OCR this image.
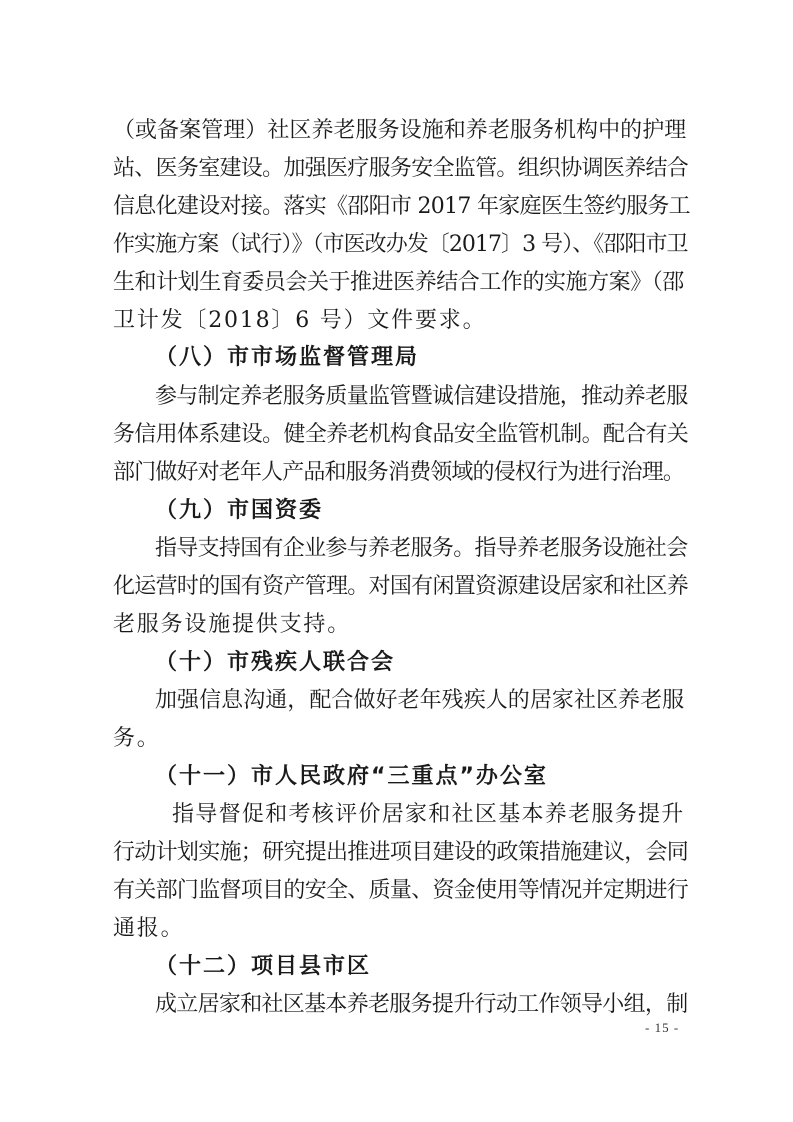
（或备案管理）社区养老服务设施和养老服务机构中的护理
站、医务室建设。加强医疗服务安全监管。组织协调医养结合
信息化建设对接。落实《邵阳市 2017 年家庭医生签约服务工
作实施方案（试行）》（市医改办发〔2017〕3 号）、《邵阳市卫
生和计划生育委员会关于推进医养结合工作的实施方案》（邵
卫计发〔2018〕6 号）文件要求。
（八）市市场监督管理局
参与制定养老服务质量监管暨诚信建设措施，推动养老服
务信用体系建设。健全养老机构食品安全监管机制。配合有关
部门做好对老年人产品和服务消费领域的侵权行为进行治理。
（九）市国资委
指导支持国有企业参与养老服务。指导养老服务设施社会
化运营时的国有资产管理。对国有闲置资源建设居家和社区养
老服务设施提供支持。
（十）市残疾人联合会
加强信息沟通，配合做好老年残疾人的居家社区养老服
务。
（十一）市人民政府“三重点”办公室
指导督促和考核评价居家和社区基本养老服务提升
行动计划实施；研究提出推进项目建设的政策措施建议，会同
有关部门监督项目的安全、质量、资金使用等情况并定期进行
通报。
（十二）项目县市区
成立居家和社区基本养老服务提升行动工作领导小组，制
- 15 -
